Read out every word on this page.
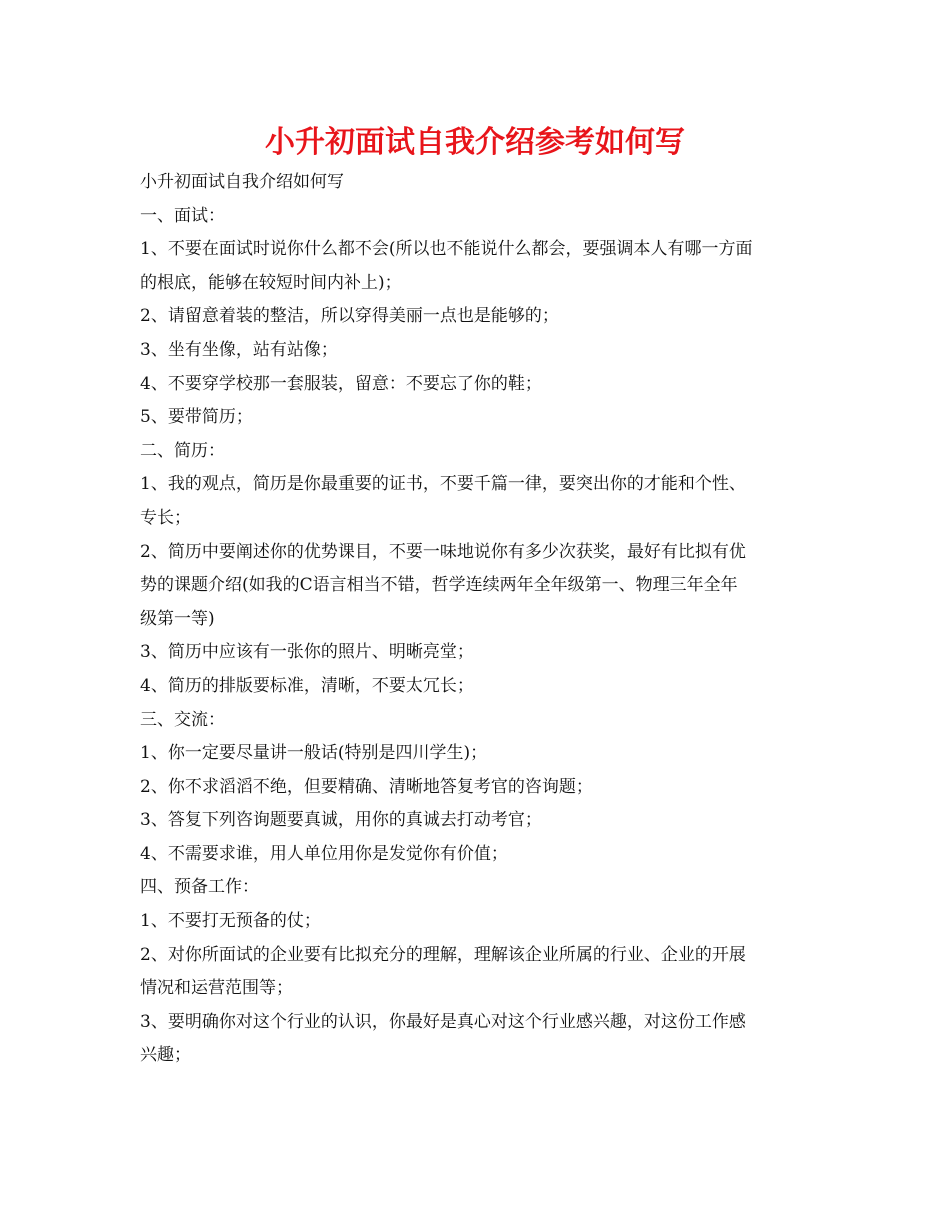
小升初面试自我介绍参考如何写

小升初面试自我介绍如何写

一、面试：

1、不要在面试时说你什么都不会(所以也不能说什么都会，要强调本人有哪一方面

的根底，能够在较短时间内补上)；

2、请留意着装的整洁，所以穿得美丽一点也是能够的；

3、坐有坐像，站有站像；

4、不要穿学校那一套服装，留意：不要忘了你的鞋；

5、要带简历；

二、简历：

1、我的观点，简历是你最重要的证书，不要千篇一律，要突出你的才能和个性、

专长；

2、简历中要阐述你的优势课目，不要一味地说你有多少次获奖，最好有比拟有优

势的课题介绍(如我的C语言相当不错，哲学连续两年全年级第一、物理三年全年

级第一等)

3、简历中应该有一张你的照片、明晰亮堂；

4、简历的排版要标准，清晰，不要太冗长；

三、交流：

1、你一定要尽量讲一般话(特别是四川学生)；

2、你不求滔滔不绝，但要精确、清晰地答复考官的咨询题；

3、答复下列咨询题要真诚，用你的真诚去打动考官；

4、不需要求谁，用人单位用你是发觉你有价值；

四、预备工作：

1、不要打无预备的仗；

2、对你所面试的企业要有比拟充分的理解，理解该企业所属的行业、企业的开展

情况和运营范围等；

3、要明确你对这个行业的认识，你最好是真心对这个行业感兴趣，对这份工作感

兴趣；
